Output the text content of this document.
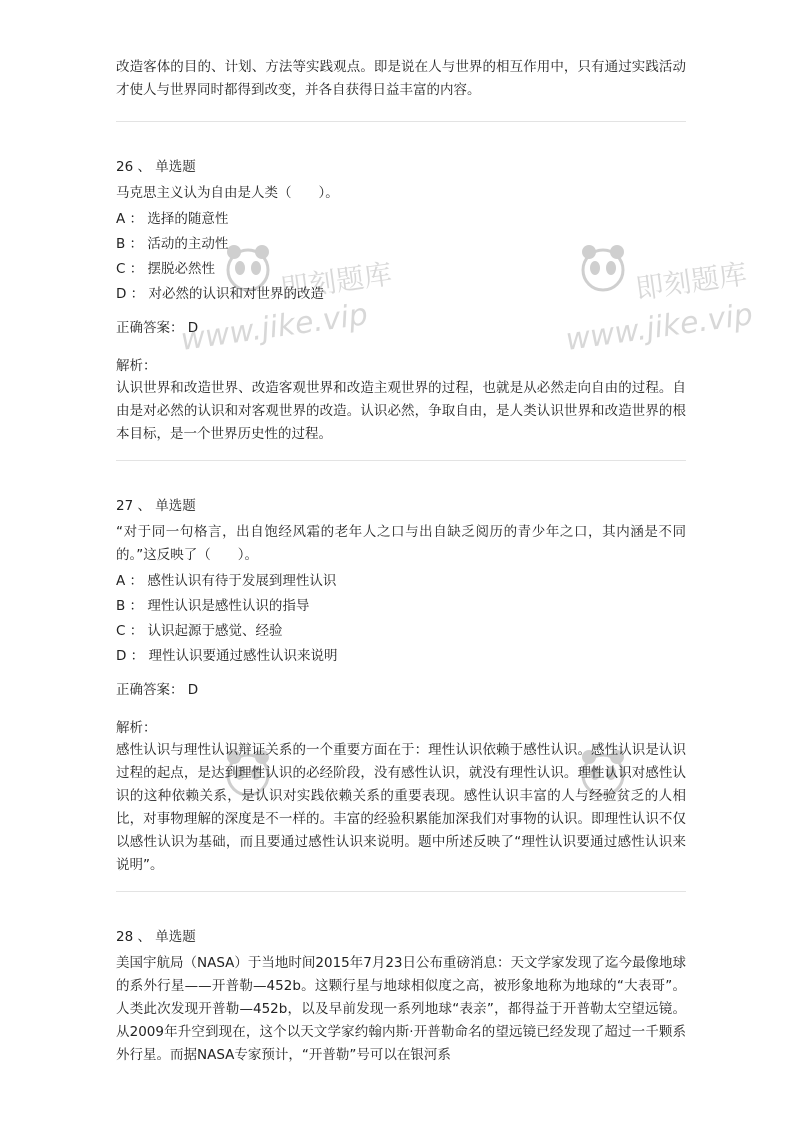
即刻题库
www.jike.vip
即刻题库
www.jike.vip

改造客体的目的、计划、方法等实践观点。即是说在人与世界的相互作用中，只有通过实践活动才使人与世界同时都得到改变，并各自获得日益丰富的内容。

26 、 单选题

马克思主义认为自由是人类（　　）。

A ： 选择的随意性

B ： 活动的主动性

C ： 摆脱必然性

D ： 对必然的认识和对世界的改造

正确答案： D

解析：

认识世界和改造世界、改造客观世界和改造主观世界的过程，也就是从必然走向自由的过程。自由是对必然的认识和对客观世界的改造。认识必然，争取自由，是人类认识世界和改造世界的根本目标，是一个世界历史性的过程。

27 、 单选题

“对于同一句格言，出自饱经风霜的老年人之口与出自缺乏阅历的青少年之口，其内涵是不同的。”这反映了（　　）。

A ： 感性认识有待于发展到理性认识

B ： 理性认识是感性认识的指导

C ： 认识起源于感觉、经验

D ： 理性认识要通过感性认识来说明

正确答案： D

解析：

感性认识与理性认识辩证关系的一个重要方面在于：理性认识依赖于感性认识。感性认识是认识过程的起点，是达到理性认识的必经阶段，没有感性认识，就没有理性认识。理性认识对感性认识的这种依赖关系，是认识对实践依赖关系的重要表现。感性认识丰富的人与经验贫乏的人相比，对事物理解的深度是不一样的。丰富的经验积累能加深我们对事物的认识。即理性认识不仅以感性认识为基础，而且要通过感性认识来说明。题中所述反映了“理性认识要通过感性认识来说明”。

28 、 单选题

美国宇航局（NASA）于当地时间2015年7月23日公布重磅消息：天文学家发现了迄今最像地球的系外行星——开普勒—452b。这颗行星与地球相似度之高，被形象地称为地球的“大表哥”。人类此次发现开普勒—452b，以及早前发现一系列地球“表亲”，都得益于开普勒太空望远镜。从2009年升空到现在，这个以天文学家约翰内斯·开普勒命名的望远镜已经发现了超过一千颗系外行星。而据NASA专家预计，“开普勒”号可以在银河系
